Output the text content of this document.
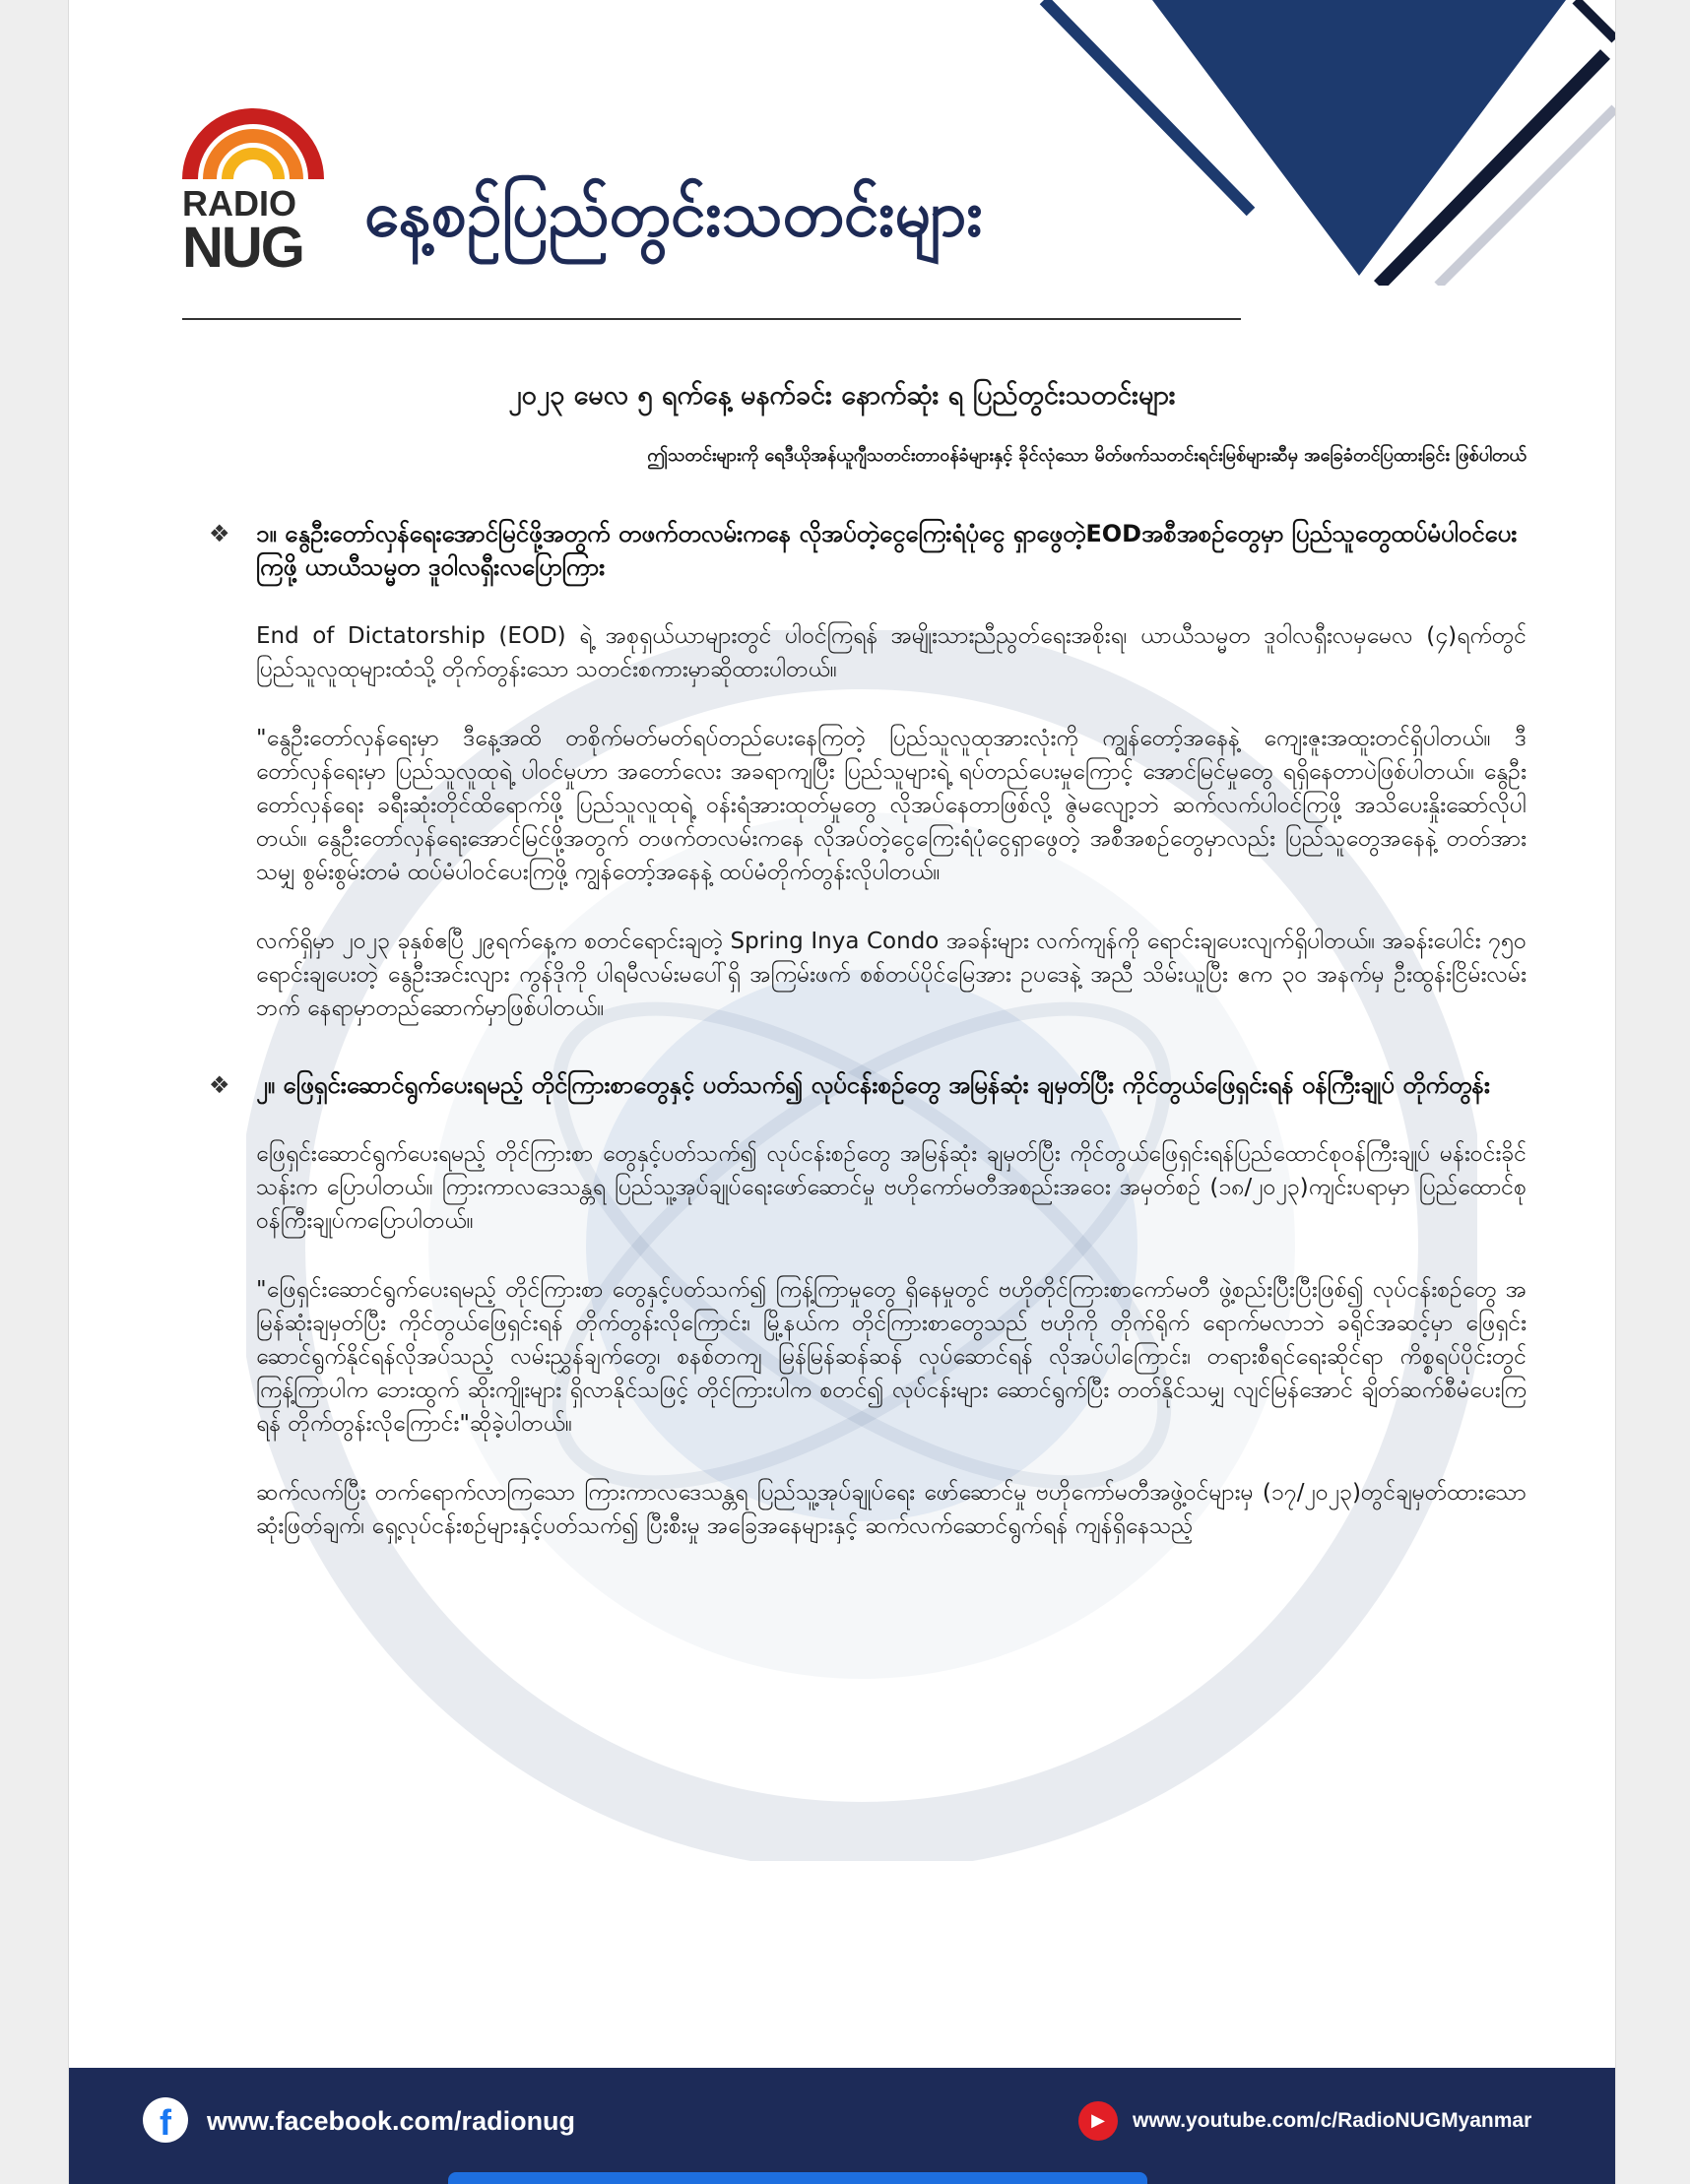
RADIO
NUG နေ့စဉ်ပြည်တွင်းသတင်းများ
၂၀၂၃ မေလ ၅ ရက်နေ့ မနက်ခင်း နောက်ဆုံး ရ ပြည်တွင်းသတင်းများ
ဤသတင်းများကို ရေဒီယိုအန်ယူဂျီသတင်းတာဝန်ခံများနှင့် ခိုင်လုံသော မိတ်ဖက်သတင်းရင်းမြစ်များဆီမှ အခြေခံတင်ပြထားခြင်း ဖြစ်ပါတယ်
❖ ၁။ နွေဦးတော်လှန်ရေးအောင်မြင်ဖို့အတွက် တဖက်တလမ်းကနေ လိုအပ်တဲ့ငွေကြေးရံပုံငွေ ရှာဖွေတဲ့EODအစီအစဉ်တွေမှာ ပြည်သူတွေထပ်မံပါဝင်ပေးကြဖို့ ယာယီသမ္မတ ဒူဝါလရှီးလပြောကြား

End of Dictatorship (EOD) ရဲ့ အစုရှယ်ယာများတွင် ပါဝင်ကြရန် အမျိုးသားညီညွတ်ရေးအစိုးရ၊ ယာယီသမ္မတ ဒူဝါလရှီးလမှမေလ (၄)ရက်တွင် ပြည်သူလူထုများထံသို့ တိုက်တွန်းသော သတင်းစကားမှာဆိုထားပါတယ်။

"နွေဦးတော်လှန်ရေးမှာ ဒီနေ့အထိ တစိုက်မတ်မတ်ရပ်တည်ပေးနေကြတဲ့ ပြည်သူလူထုအားလုံးကို ကျွန်တော့်အနေနဲ့ ကျေးဇူးအထူးတင်ရှိပါတယ်။ ဒီတော်လှန်ရေးမှာ ပြည်သူလူထုရဲ့ ပါဝင်မှုဟာ အတော်လေး အခရာကျပြီး ပြည်သူများရဲ့ ရပ်တည်ပေးမှုကြောင့် အောင်မြင်မှုတွေ ရရှိနေတာပဲဖြစ်ပါတယ်။ နွေဦးတော်လှန်ရေး ခရီးဆုံးတိုင်ထိရောက်ဖို့ ပြည်သူလူထုရဲ့ ဝန်းရံအားထုတ်မှုတွေ လိုအပ်နေတာဖြစ်လို့ ဇွဲမလျော့ဘဲ ဆက်လက်ပါဝင်ကြဖို့ အသိပေးနှိုးဆော်လိုပါတယ်။ နွေဦးတော်လှန်ရေးအောင်မြင်ဖို့အတွက် တဖက်တလမ်းကနေ လိုအပ်တဲ့ငွေကြေးရံပုံငွေရှာဖွေတဲ့ အစီအစဉ်တွေမှာလည်း ပြည်သူတွေအနေနဲ့ တတ်အားသမျှ စွမ်းစွမ်းတမံ ထပ်မံပါဝင်ပေးကြဖို့ ကျွန်တော့်အနေနဲ့ ထပ်မံတိုက်တွန်းလိုပါတယ်။

လက်ရှိမှာ ၂၀၂၃ ခုနှစ်ဧပြီ ၂၉ရက်နေ့က စတင်ရောင်းချတဲ့ Spring Inya Condo အခန်းများ လက်ကျန်ကို ရောင်းချပေးလျက်ရှိပါတယ်။ အခန်းပေါင်း ၇၅၀ ရောင်းချပေးတဲ့ နွေဦးအင်းလျား ကွန်ဒိုကို ပါရမီလမ်းမပေါ်ရှိ အကြမ်းဖက် စစ်တပ်ပိုင်မြေအား ဥပဒေနဲ့ အညီ သိမ်းယူပြီး ဧက ၃၀ အနက်မှ ဦးထွန်းငြိမ်းလမ်းဘက် နေရာမှာတည်ဆောက်မှာဖြစ်ပါတယ်။

❖ ၂။ ဖြေရှင်းဆောင်ရွက်ပေးရမည့် တိုင်ကြားစာတွေနှင့် ပတ်သက်၍ လုပ်ငန်းစဉ်တွေ အမြန်ဆုံး ချမှတ်ပြီး ကိုင်တွယ်ဖြေရှင်းရန် ဝန်ကြီးချုပ် တိုက်တွန်း

ဖြေရှင်းဆောင်ရွက်ပေးရမည့် တိုင်ကြားစာ တွေနှင့်ပတ်သက်၍ လုပ်ငန်းစဉ်တွေ အမြန်ဆုံး ချမှတ်ပြီး ကိုင်တွယ်ဖြေရှင်းရန်ပြည်ထောင်စုဝန်ကြီးချုပ် မန်းဝင်းခိုင်သန်းက ပြောပါတယ်။ ကြားကာလဒေသန္တရ ပြည်သူ့အုပ်ချုပ်ရေးဖော်ဆောင်မှု ဗဟိုကော်မတီအစည်းအဝေး အမှတ်စဉ် (၁၈/၂၀၂၃)ကျင်းပရာမှာ ပြည်ထောင်စုဝန်ကြီးချုပ်ကပြောပါတယ်။

"ဖြေရှင်းဆောင်ရွက်ပေးရမည့် တိုင်ကြားစာ တွေနှင့်ပတ်သက်၍ ကြန့်ကြာမှုတွေ ရှိနေမှုတွင် ဗဟိုတိုင်ကြားစာကော်မတီ ဖွဲ့စည်းပြီးပြီးဖြစ်၍ လုပ်ငန်းစဉ်တွေ အမြန်ဆုံးချမှတ်ပြီး ကိုင်တွယ်ဖြေရှင်းရန် တိုက်တွန်းလိုကြောင်း၊ မြို့နယ်က တိုင်ကြားစာတွေသည် ဗဟိုကို တိုက်ရိုက် ရောက်မလာဘဲ ခရိုင်အဆင့်မှာ ဖြေရှင်းဆောင်ရွက်နိုင်ရန်လိုအပ်သည့် လမ်းညွှန်ချက်တွေ၊ စနစ်တကျ မြန်မြန်ဆန်ဆန် လုပ်ဆောင်ရန် လိုအပ်ပါကြောင်း၊ တရားစီရင်ရေးဆိုင်ရာ ကိစ္စရပ်ပိုင်းတွင် ကြန့်ကြာပါက ဘေးထွက် ဆိုးကျိုးများ ရှိလာနိုင်သဖြင့် တိုင်ကြားပါက စတင်၍ လုပ်ငန်းများ ဆောင်ရွက်ပြီး တတ်နိုင်သမျှ လျင်မြန်အောင် ချိတ်ဆက်စီမံပေးကြရန် တိုက်တွန်းလိုကြောင်း"ဆိုခဲ့ပါတယ်။

ဆက်လက်ပြီး တက်ရောက်လာကြသော ကြားကာလဒေသန္တရ ပြည်သူ့အုပ်ချုပ်ရေး ဖော်ဆောင်မှု ဗဟိုကော်မတီအဖွဲ့ဝင်များမှ (၁၇/၂၀၂၃)တွင်ချမှတ်ထားသော ဆုံးဖြတ်ချက်၊ ရှေ့လုပ်ငန်းစဉ်များနှင့်ပတ်သက်၍ ပြီးစီးမှု အခြေအနေများနှင့် ဆက်လက်ဆောင်ရွက်ရန် ကျန်ရှိနေသည့်

f	www.facebook.com/radionug	▶	www.youtube.com/c/RadioNUGMyanmar
